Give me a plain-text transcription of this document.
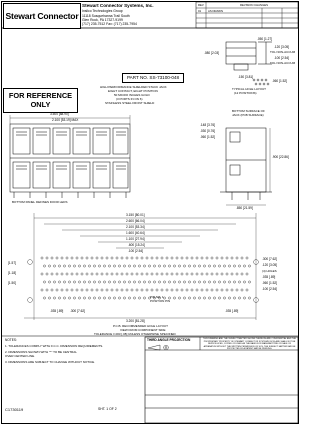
Stewart Connector
Stewart Connector Systems, Inc.
Insilco Technologies Group
11118 Susquehanna Trail South
Glen Rock, PA 17327-9199
(717) 235-7512 Fax: (717) 235-7954
REV	REVISION CHANGES
01 AS DRAWN
PART NO. SS-73100-048
FOR REFERENCE ONLY
HIGH PERFORMANCE SHIELDED STACK JACK
EIGHT CONTACT, EIGHT POSITION
50 MICRO INCHES GOLD
(3 PORTS IN ON 6)
STAINLESS STEEL FRONT SHIELD
.050 [1.27]
.120 [3.05]
TOL NON-ACCUM
.100 [2.54]
TOL NON-ACCUM
.080 [2.03]
TYPICAL HOLE LAYOUT
(12 POSITIONS)
.150 [3.81]
.060 [1.52]
3.500 [88.90]
2.100 [53.19] MAX
BOTTOM PANEL DEFINES DOOR LEDS
BOTTOM SURFACE OF
JACK (PCB SURFACE)
.900 [22.86]
.850 [21.59]
.148 [3.76]
.030 [0.76]
.060 [1.52]
3.150 [80.01]
2.600 [66.04]
2.100 [53.34]
1.600 [40.64]
1.100 [27.94]
.600 [15.24]
.100 [2.54]
3.200 [81.28]
[1.57]
[1.18]
[1.50]
.300 [7.62]
.120 [3.05]
(4) HOLES
.035 [.89]
.060 [1.52]
.100 [2.54]
.035 [.89] .300 [7.62]	.035 [.89]
PIN NO. 1
POSITION PIN
P.C.B. RECOMMENDED HOLE LAYOUT
VIEW FROM COMPONENT SIDE
TOLERANCE ±.003 [.08] UNLESS OTHERWISE SPECIFIED
NOTES:
1. TOLERANCES COMPLY WITH F.C.C. DIMENSION REQUIREMENTS.
2. DIMENSIONS SHOWN WITH "*" TO BE CENTRAL
OVER CENTER LINE.
3. DIMENSIONS ARE SUBJECT TO CHANGE WITHOUT NOTICE.
THIRD ANGLE PROJECTION	THIS DRAWING AND THE SUBJECT MATTER SHOWN THEREON ARE CONFIDENTIAL AND THE PROPRIETARY PROPERTY OF STEWART CONNECTOR SYSTEMS (SCS) AND SHALL NOT BE REPRODUCED, COPIED OR USED AS THE BASIS FOR MANUFACTURE OR SALE OF APPARATUS WITHOUT THE WRITTEN PERMISSION OF SCS. THE SUBJECT MATTER MAY BE PROTECTED BY A PATENT MAY BE PENDING.
C1730119	SHT. 1 OF 2
